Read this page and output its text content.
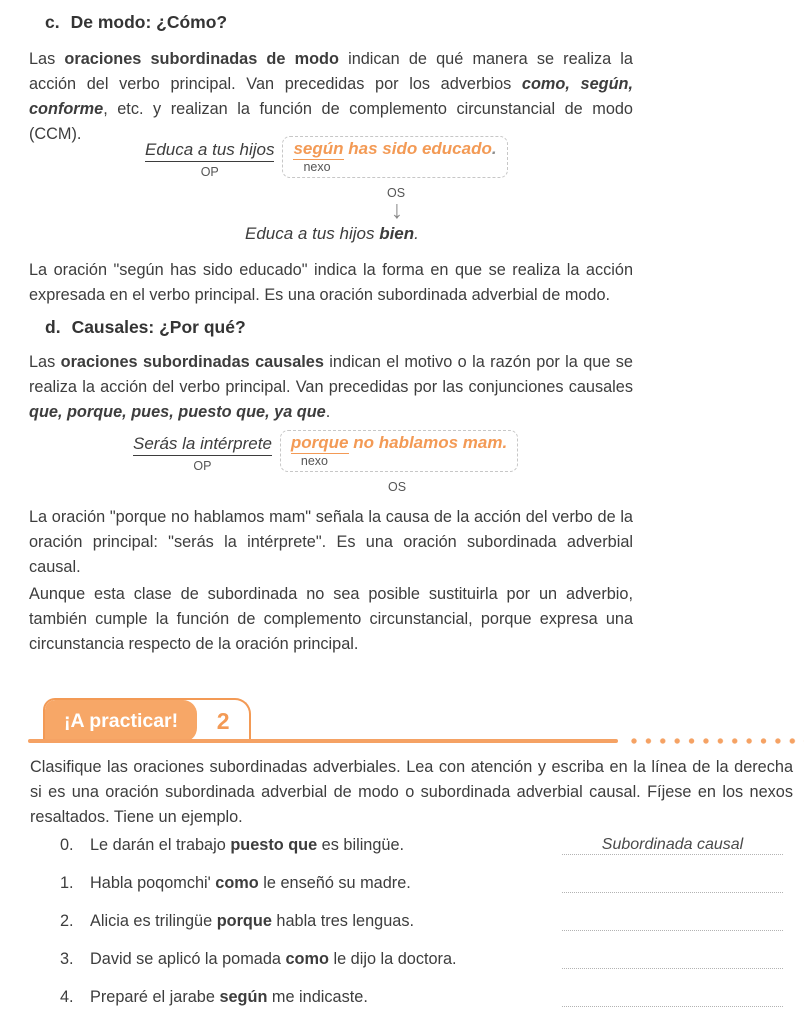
c. De modo: ¿Cómo?
Las oraciones subordinadas de modo indican de qué manera se realiza la acción del verbo principal. Van precedidas por los adverbios como, según, conforme, etc. y realizan la función de complemento circunstancial de modo (CCM).
Educa a tus hijos
OP
según has sido educado.
nexo
OS
↓
Educa a tus hijos bien.
La oración "según has sido educado" indica la forma en que se realiza la acción expresada en el verbo principal. Es una oración subordinada adverbial de modo.
d. Causales: ¿Por qué?
Las oraciones subordinadas causales indican el motivo o la razón por la que se realiza la acción del verbo principal. Van precedidas por las conjunciones causales que, porque, pues, puesto que, ya que.
Serás la intérprete
OP
porque no hablamos mam.
nexo
OS
La oración "porque no hablamos mam" señala la causa de la acción del verbo de la oración principal: "serás la intérprete". Es una oración subordinada adverbial causal.
Aunque esta clase de subordinada no sea posible sustituirla por un adverbio, también cumple la función de complemento circunstancial, porque expresa una circunstancia respecto de la oración principal.
¡A practicar!	2
Clasifique las oraciones subordinadas adverbiales. Lea con atención y escriba en la línea de la derecha si es una oración subordinada adverbial de modo o subordinada adverbial causal. Fíjese en los nexos resaltados. Tiene un ejemplo.
0.	Le darán el trabajo puesto que es bilingüe.	Subordinada causal
1.	Habla poqomchi' como le enseñó su madre.
2.	Alicia es trilingüe porque habla tres lenguas.
3.	David se aplicó la pomada como le dijo la doctora.
4.	Preparé el jarabe según me indicaste.
